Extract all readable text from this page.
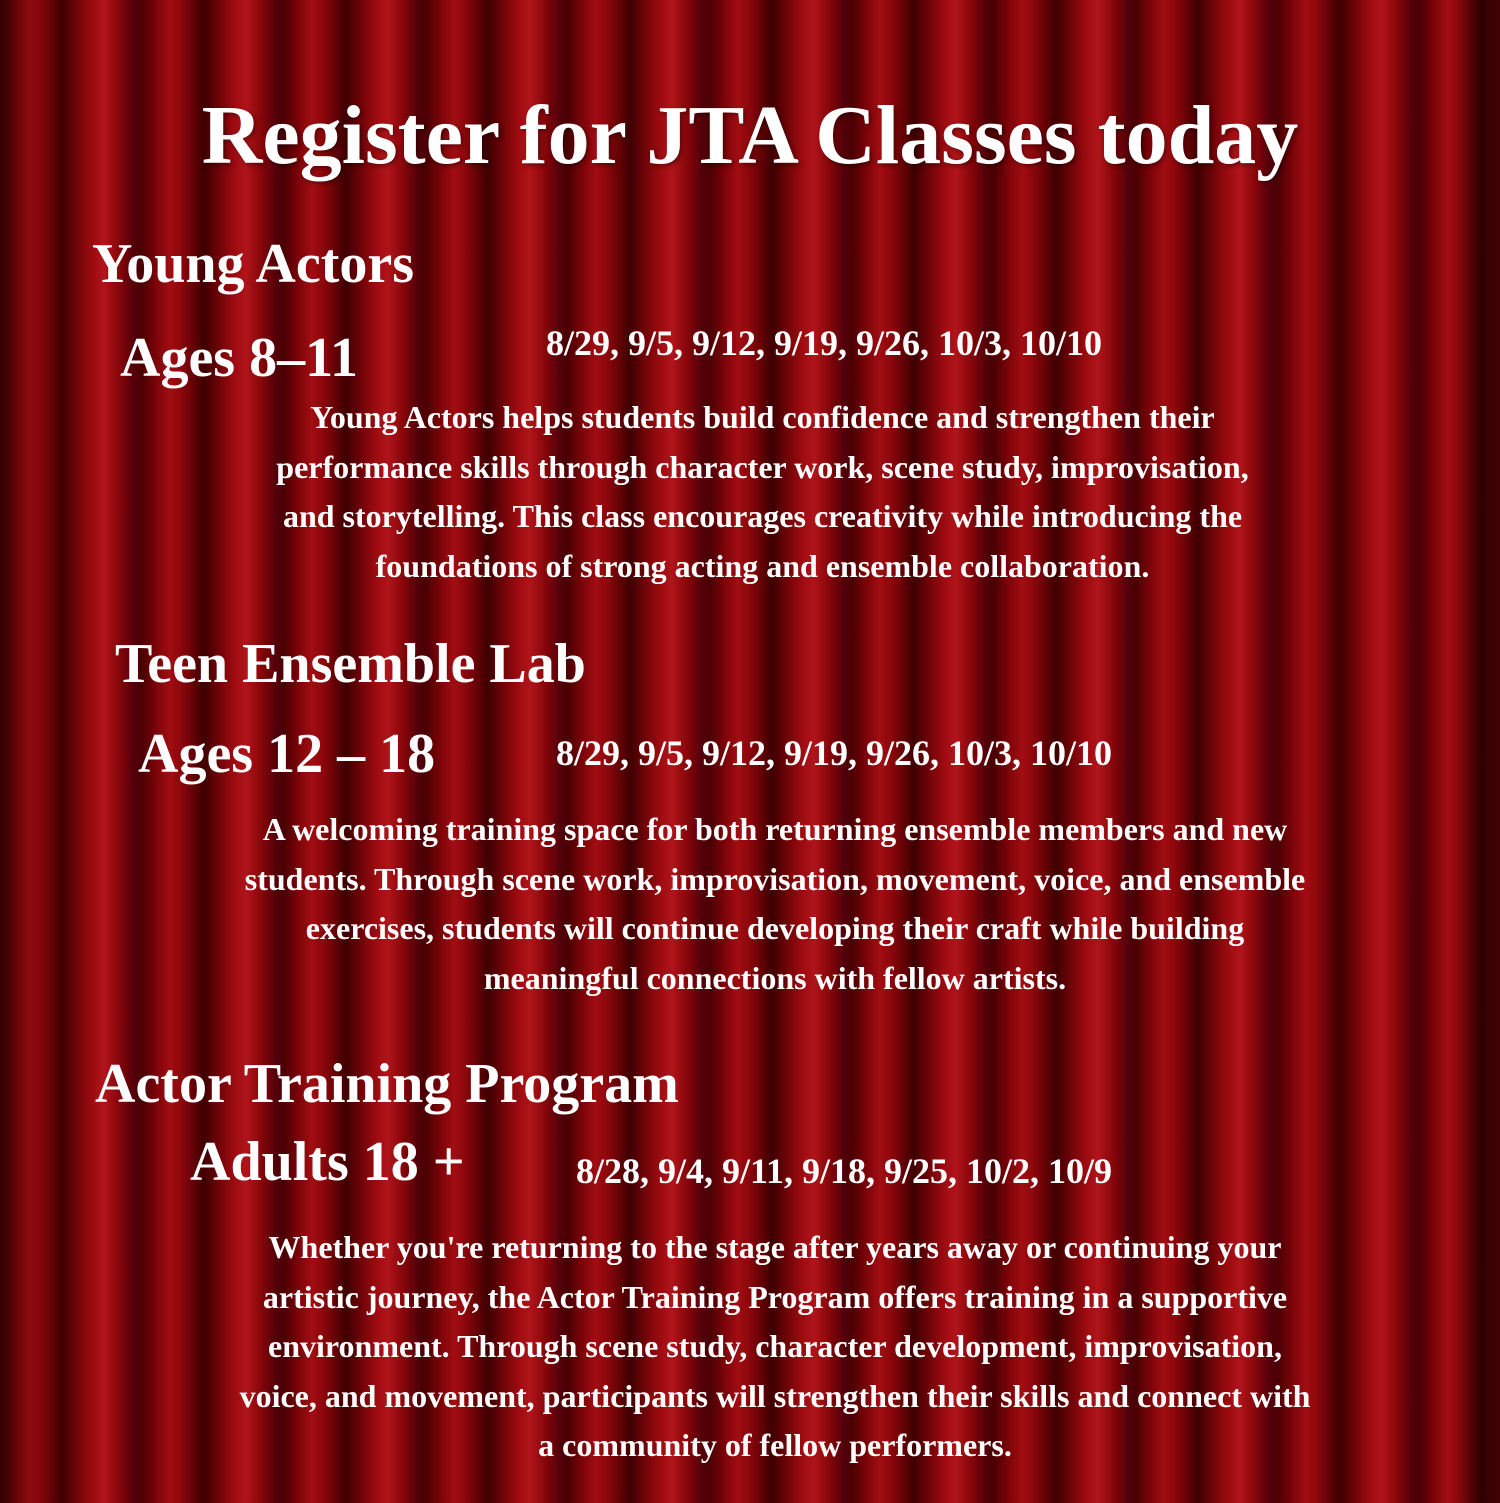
Register for JTA Classes today
Young Actors
Ages 8–11	8/29, 9/5, 9/12, 9/19, 9/26, 10/3, 10/10
Young Actors helps students build confidence and strengthen their
performance skills through character work, scene study, improvisation,
and storytelling. This class encourages creativity while introducing the
foundations of strong acting and ensemble collaboration.
Teen Ensemble Lab
Ages 12 – 18	8/29, 9/5, 9/12, 9/19, 9/26, 10/3, 10/10
A welcoming training space for both returning ensemble members and new
students. Through scene work, improvisation, movement, voice, and ensemble
exercises, students will continue developing their craft while building
meaningful connections with fellow artists.
Actor Training Program
Adults 18 +	8/28, 9/4, 9/11, 9/18, 9/25, 10/2, 10/9
Whether you're returning to the stage after years away or continuing your
artistic journey, the Actor Training Program offers training in a supportive
environment. Through scene study, character development, improvisation,
voice, and movement, participants will strengthen their skills and connect with
a community of fellow performers.
